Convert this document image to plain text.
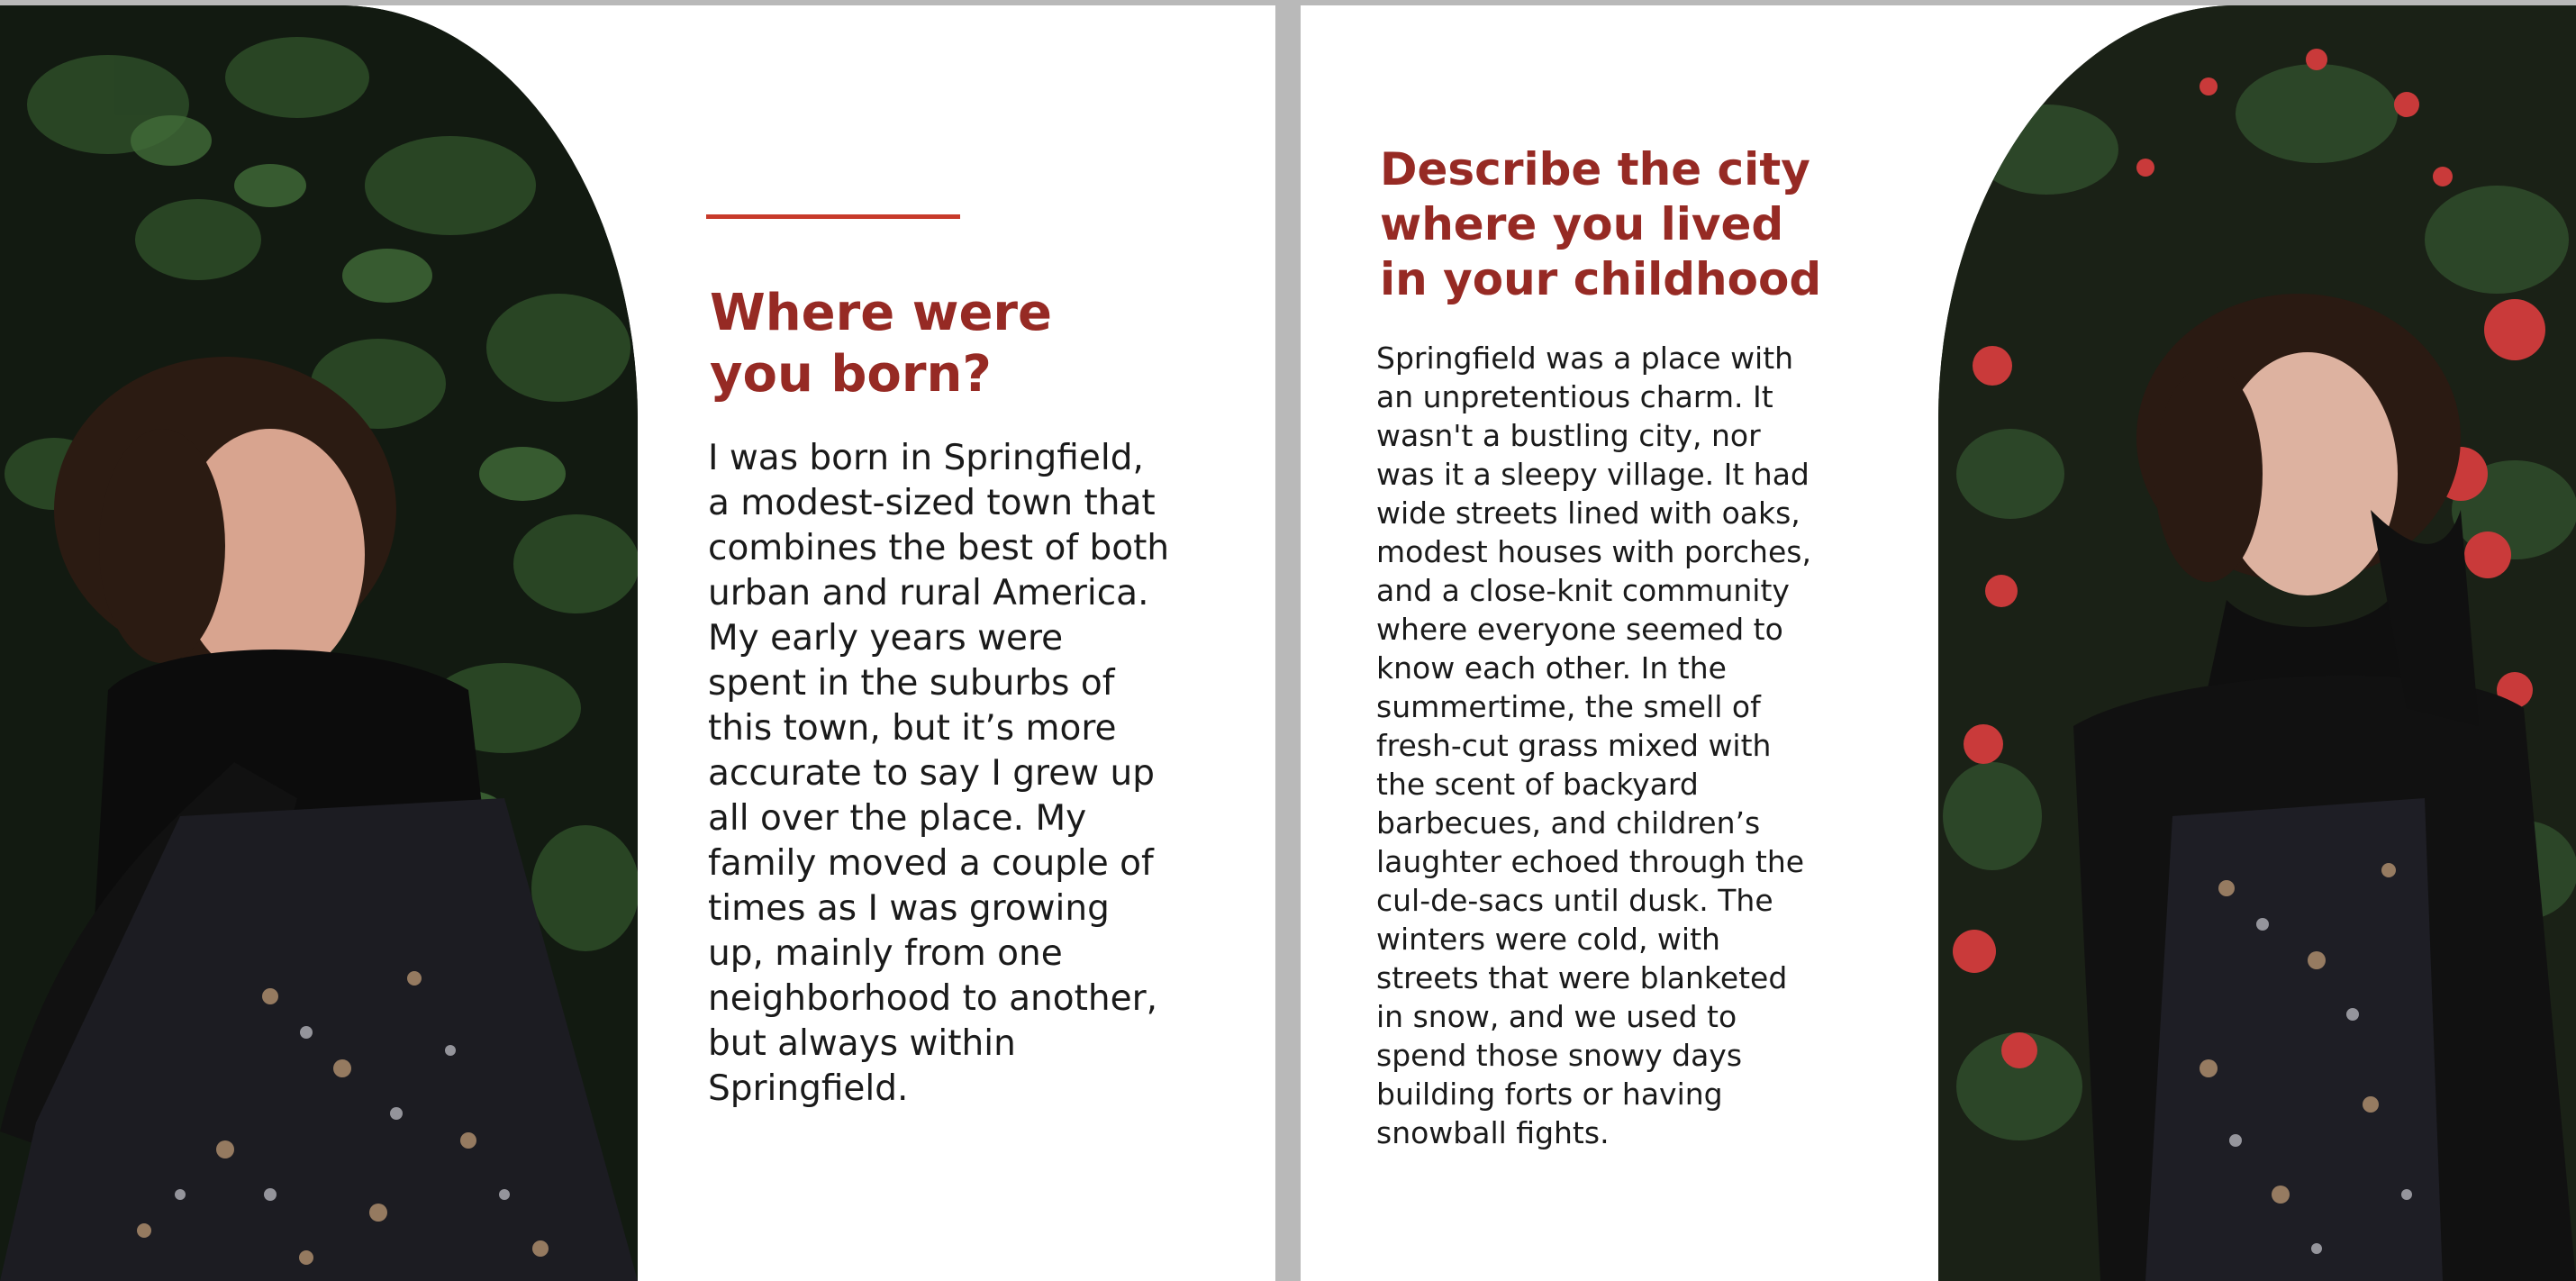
Where were
you born?

I was born in Springfield,
a modest-sized town that
combines the best of both
urban and rural America.
My early years were
spent in the suburbs of
this town, but it’s more
accurate to say I grew up
all over the place. My
family moved a couple of
times as I was growing
up, mainly from one
neighborhood to another,
but always within
Springfield.

Describe the city
where you lived
in your childhood

Springfield was a place with
an unpretentious charm. It
wasn't a bustling city, nor
was it a sleepy village. It had
wide streets lined with oaks,
modest houses with porches,
and a close-knit community
where everyone seemed to
know each other. In the
summertime, the smell of
fresh-cut grass mixed with
the scent of backyard
barbecues, and children’s
laughter echoed through the
cul-de-sacs until dusk. The
winters were cold, with
streets that were blanketed
in snow, and we used to
spend those snowy days
building forts or having
snowball fights.
